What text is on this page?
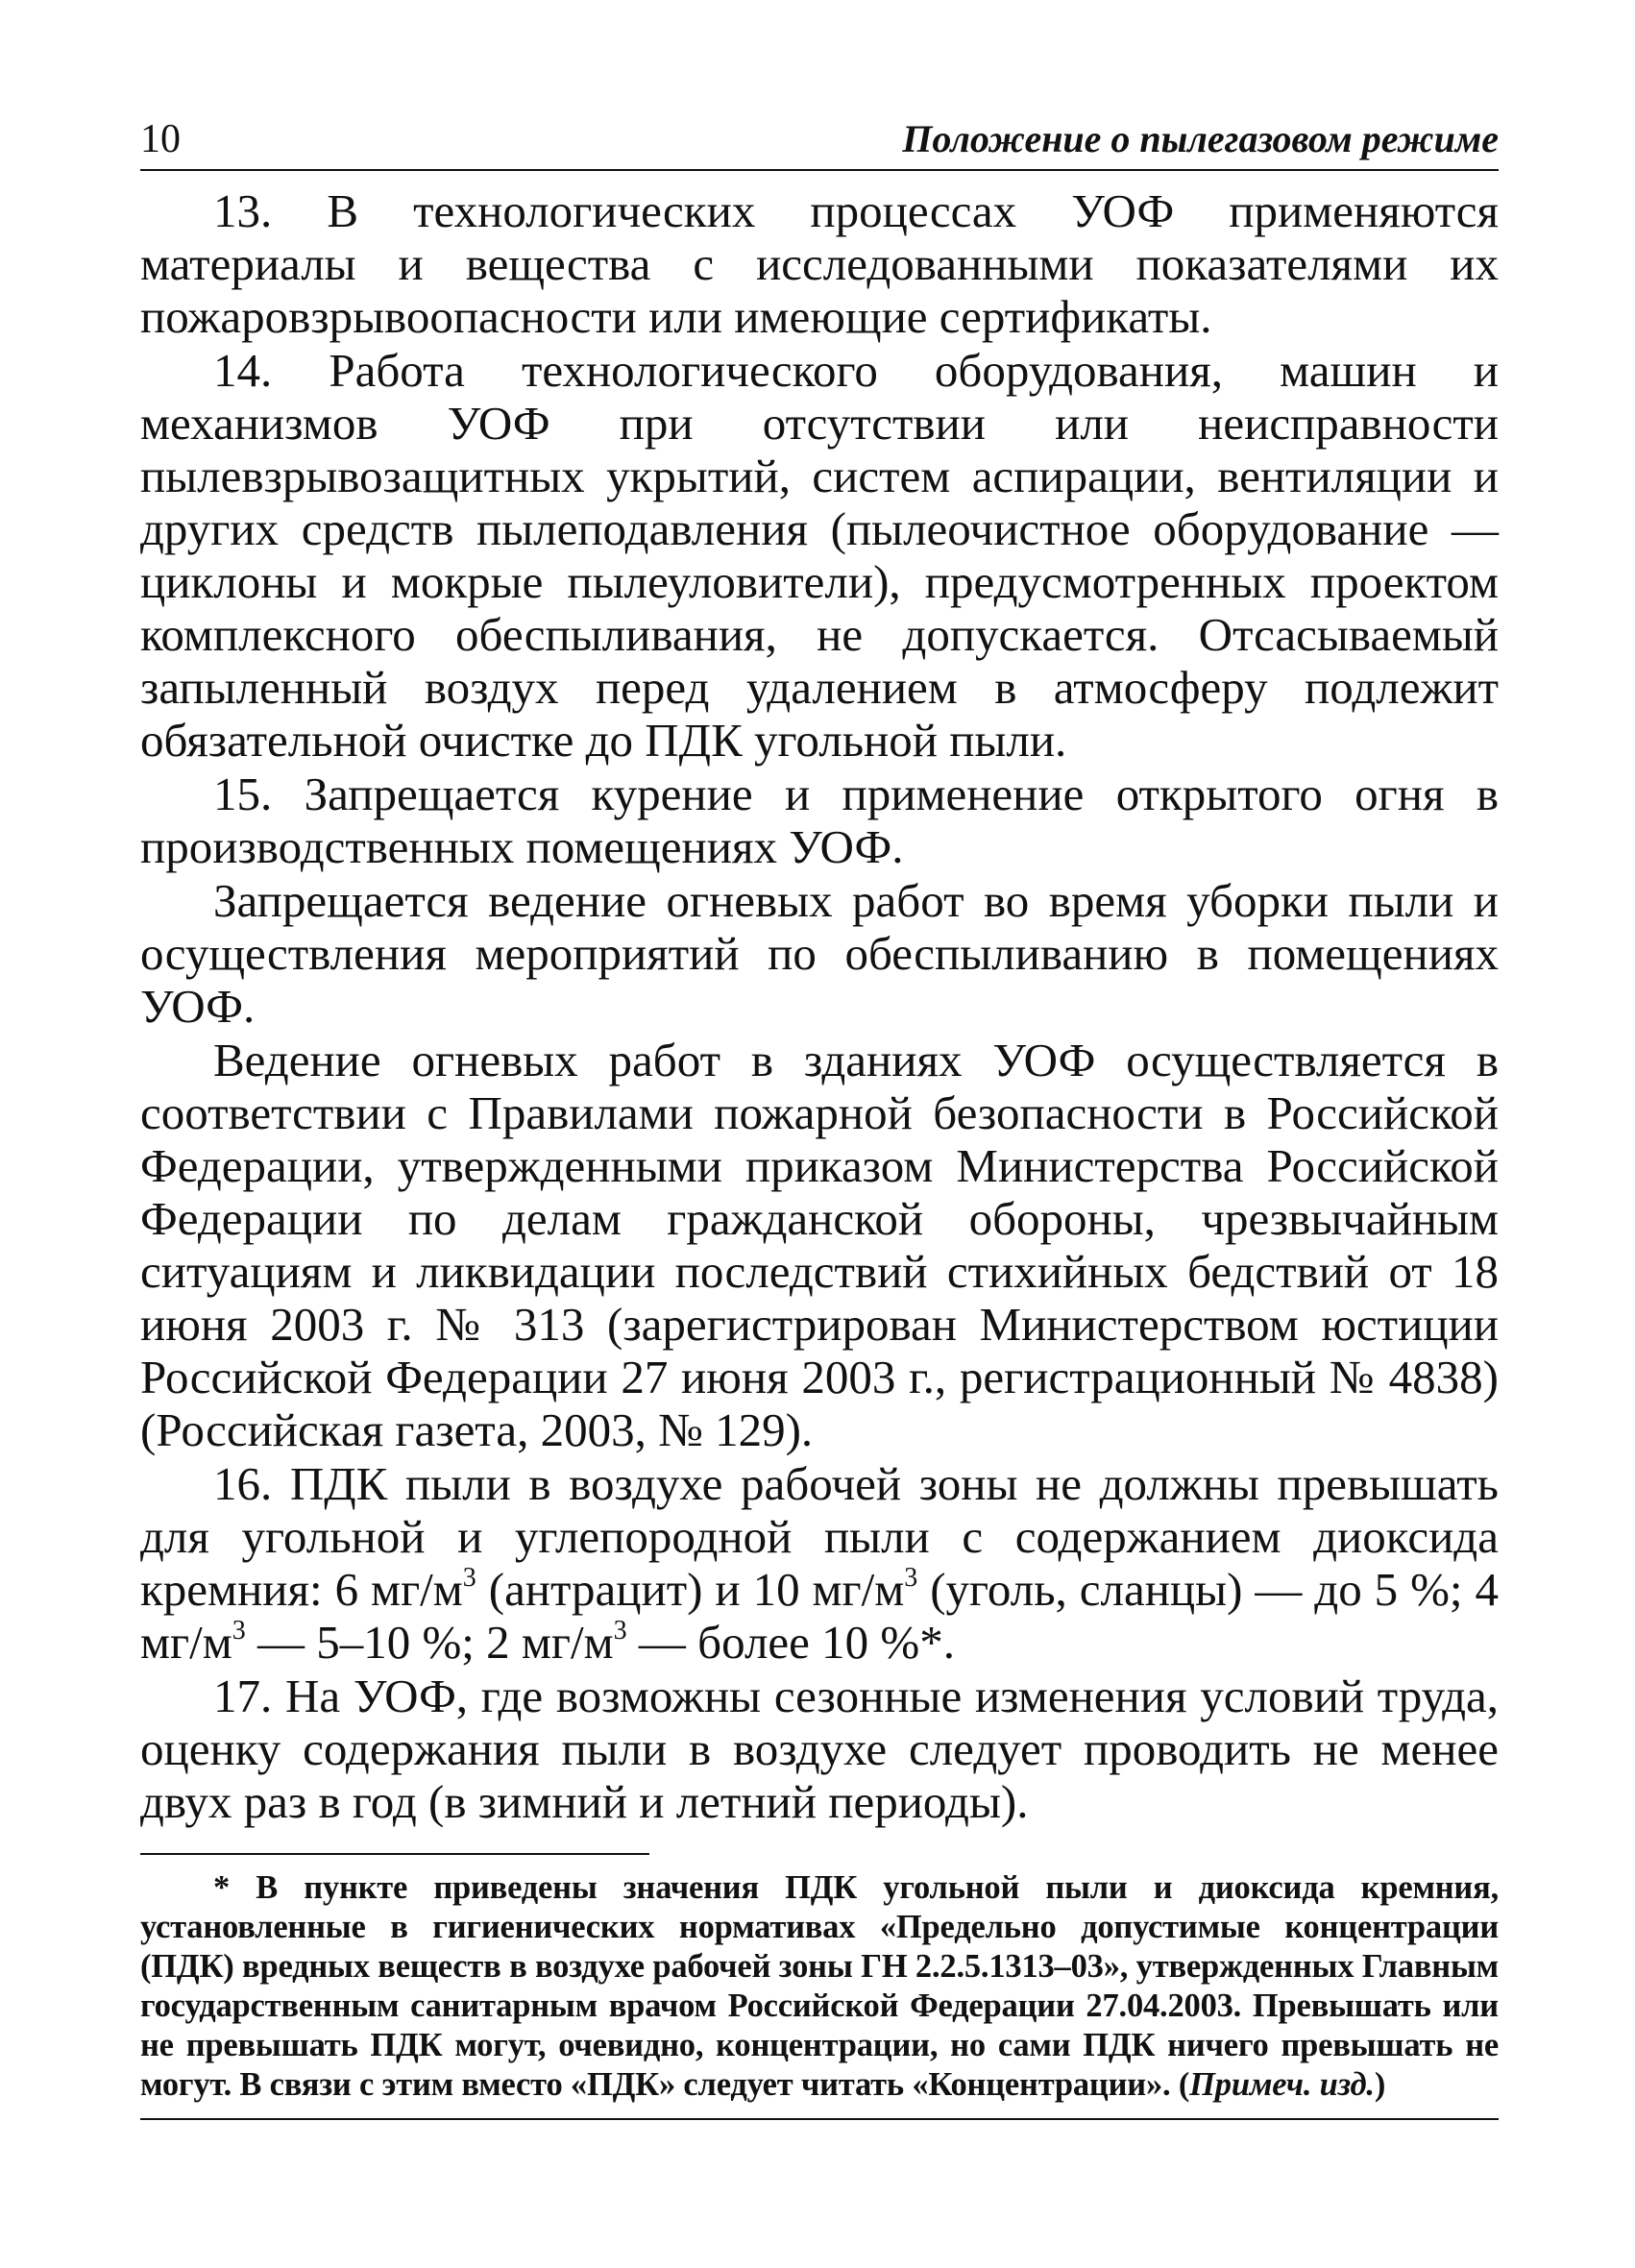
10	Положение о пылегазовом режиме

13. В технологических процессах УОФ применяются материалы и вещества с исследованными показателями их пожаровзрывоопасности или имеющие сертификаты.

14. Работа технологического оборудования, машин и механизмов УОФ при отсутствии или неисправности пылевзрывозащитных укрытий, систем аспирации, вентиляции и других средств пылеподавления (пылеочистное оборудование — циклоны и мокрые пылеуловители), предусмотренных проектом комплексного обеспыливания, не допускается. Отсасываемый запыленный воздух перед удалением в атмосферу подлежит обязательной очистке до ПДК угольной пыли.

15. Запрещается курение и применение открытого огня в производственных помещениях УОФ.

Запрещается ведение огневых работ во время уборки пыли и осуществления мероприятий по обеспыливанию в помещениях УОФ.

Ведение огневых работ в зданиях УОФ осуществляется в соответствии с Правилами пожарной безопасности в Российской Федерации, утвержденными приказом Министерства Российской Федерации по делам гражданской обороны, чрезвычайным ситуациям и ликвидации последствий стихийных бедствий от 18 июня 2003 г. № 313 (зарегистрирован Министерством юстиции Российской Федерации 27 июня 2003 г., регистрационный № 4838) (Российская газета, 2003, № 129).

16. ПДК пыли в воздухе рабочей зоны не должны превышать для угольной и углепородной пыли с содержанием диоксида кремния: 6 $мг/м^3$ (антрацит) и 10 $мг/м^3$ (уголь, сланцы) — до 5 %; 4 $мг/м^3$ — 5–10 %; 2 $мг/м^3$ — более 10 %*.

17. На УОФ, где возможны сезонные изменения условий труда, оценку содержания пыли в воздухе следует проводить не менее двух раз в год (в зимний и летний периоды).

* В пункте приведены значения ПДК угольной пыли и диоксида кремния, установленные в гигиенических нормативах «Предельно допустимые концентрации (ПДК) вредных веществ в воздухе рабочей зоны ГН 2.2.5.1313–03», утвержденных Главным государственным санитарным врачом Российской Федерации 27.04.2003. Превышать или не превышать ПДК могут, очевидно, концентрации, но сами ПДК ничего превышать не могут. В связи с этим вместо «ПДК» следует читать «Концентрации». (Примеч. изд.)
